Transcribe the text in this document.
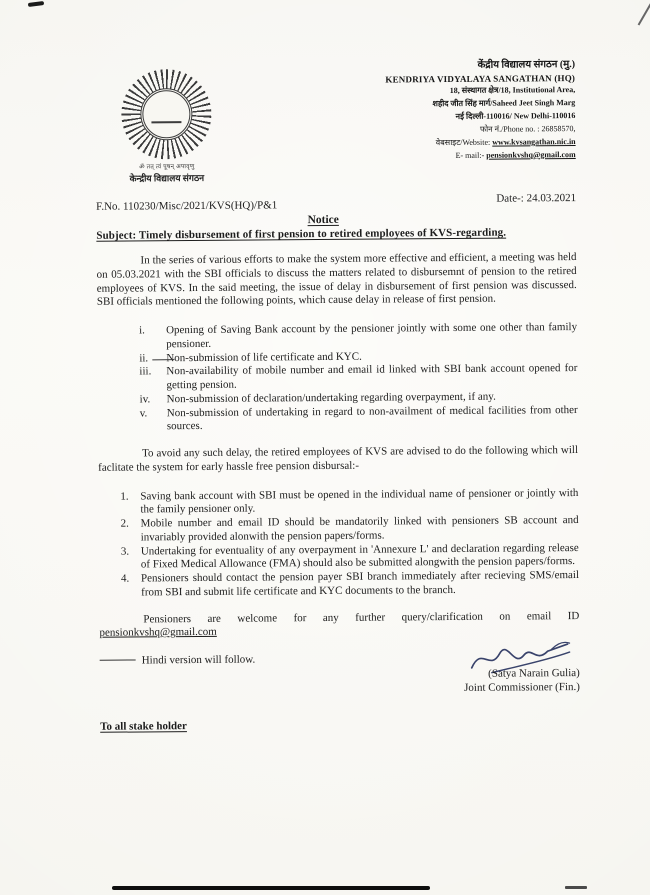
ॐ तत् त्वं पूषन् अपावृणु
केन्द्रीय विद्यालय संगठन
केंद्रीय विद्यालय संगठन (मु.)
KENDRIYA VIDYALAYA SANGATHAN (HQ)
18, संस्थागत क्षेत्र/18, Institutional Area,
शहीद जीत सिंह मार्ग/Saheed Jeet Singh Marg
नई दिल्ली-110016/ New Delhi-110016
फोन नं./Phone no. : 26858570,
वेबसाइट/Website: www.kvsangathan.nic.in
E- mail:- pensionkvshq@gmail.com
F.No. 110230/Misc/2021/KVS(HQ)/P&1
Date-: 24.03.2021
Notice
Subject: Timely disbursement of first pension to retired employees of KVS-regarding.

In the series of various efforts to make the system more effective and efficient, a meeting was held on 05.03.2021 with the SBI officials to discuss the matters related to disbursemnt of pension to the retired employees of KVS. In the said meeting, the issue of delay in disbursement of first pension was discussed. SBI officials mentioned the following points, which cause delay in release of first pension.

i.	Opening of Saving Bank account by the pensioner jointly with some one other than family pensioner.
ii.	Non-submission of life certificate and KYC.
iii.	Non-availability of mobile number and email id linked with SBI bank account opened for getting pension.
iv.	Non-submission of declaration/undertaking regarding overpayment, if any.
v.	Non-submission of undertaking in regard to non-availment of medical facilities from other sources.

To avoid any such delay, the retired employees of KVS are advised to do the following which will faclitate the system for early hassle free pension disbursal:-

1.	Saving bank account with SBI must be opened in the individual name of pensioner or jointly with the family pensioner only.
2.	Mobile number and email ID should be mandatorily linked with pensioners SB account and invariably provided alonwith the pension papers/forms.
3.	Undertaking for eventuality of any overpayment in 'Annexure L' and declaration regarding release of Fixed Medical Allowance (FMA) should also be submitted alongwith the pension papers/forms.
4.	Pensioners should contact the pension payer SBI branch immediately after recieving SMS/email from SBI and submit life certificate and KYC documents to the branch.

Pensioners are welcome for any further query/clarification on email ID
pensionkvshq@gmail.com

Hindi version will follow.
(Satya Narain Gulia)
Joint Commissioner (Fin.)
To all stake holder
